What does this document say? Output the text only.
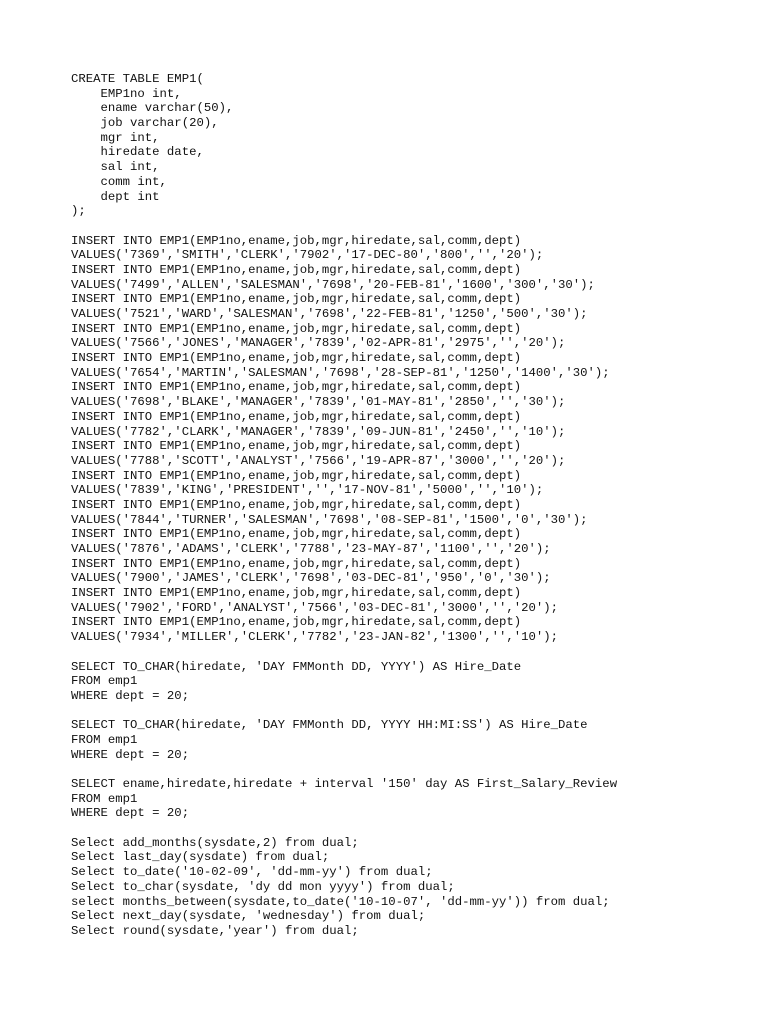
CREATE TABLE EMP1(
EMP1no int,
ename varchar(50),
job varchar(20),
mgr int,
hiredate date,
sal int,
comm int,
dept int
);
INSERT INTO EMP1(EMP1no,ename,job,mgr,hiredate,sal,comm,dept)
VALUES('7369','SMITH','CLERK','7902','17-DEC-80','800','','20');
INSERT INTO EMP1(EMP1no,ename,job,mgr,hiredate,sal,comm,dept)
VALUES('7499','ALLEN','SALESMAN','7698','20-FEB-81','1600','300','30');
INSERT INTO EMP1(EMP1no,ename,job,mgr,hiredate,sal,comm,dept)
VALUES('7521','WARD','SALESMAN','7698','22-FEB-81','1250','500','30');
INSERT INTO EMP1(EMP1no,ename,job,mgr,hiredate,sal,comm,dept)
VALUES('7566','JONES','MANAGER','7839','02-APR-81','2975','','20');
INSERT INTO EMP1(EMP1no,ename,job,mgr,hiredate,sal,comm,dept)
VALUES('7654','MARTIN','SALESMAN','7698','28-SEP-81','1250','1400','30');
INSERT INTO EMP1(EMP1no,ename,job,mgr,hiredate,sal,comm,dept)
VALUES('7698','BLAKE','MANAGER','7839','01-MAY-81','2850','','30');
INSERT INTO EMP1(EMP1no,ename,job,mgr,hiredate,sal,comm,dept)
VALUES('7782','CLARK','MANAGER','7839','09-JUN-81','2450','','10');
INSERT INTO EMP1(EMP1no,ename,job,mgr,hiredate,sal,comm,dept)
VALUES('7788','SCOTT','ANALYST','7566','19-APR-87','3000','','20');
INSERT INTO EMP1(EMP1no,ename,job,mgr,hiredate,sal,comm,dept)
VALUES('7839','KING','PRESIDENT','','17-NOV-81','5000','','10');
INSERT INTO EMP1(EMP1no,ename,job,mgr,hiredate,sal,comm,dept)
VALUES('7844','TURNER','SALESMAN','7698','08-SEP-81','1500','0','30');
INSERT INTO EMP1(EMP1no,ename,job,mgr,hiredate,sal,comm,dept)
VALUES('7876','ADAMS','CLERK','7788','23-MAY-87','1100','','20');
INSERT INTO EMP1(EMP1no,ename,job,mgr,hiredate,sal,comm,dept)
VALUES('7900','JAMES','CLERK','7698','03-DEC-81','950','0','30');
INSERT INTO EMP1(EMP1no,ename,job,mgr,hiredate,sal,comm,dept)
VALUES('7902','FORD','ANALYST','7566','03-DEC-81','3000','','20');
INSERT INTO EMP1(EMP1no,ename,job,mgr,hiredate,sal,comm,dept)
VALUES('7934','MILLER','CLERK','7782','23-JAN-82','1300','','10');
SELECT TO_CHAR(hiredate, 'DAY FMMonth DD, YYYY') AS Hire_Date
FROM emp1
WHERE dept = 20;
SELECT TO_CHAR(hiredate, 'DAY FMMonth DD, YYYY HH:MI:SS') AS Hire_Date
FROM emp1
WHERE dept = 20;
SELECT ename,hiredate,hiredate + interval '150' day AS First_Salary_Review
FROM emp1
WHERE dept = 20;
Select add_months(sysdate,2) from dual;
Select last_day(sysdate) from dual;
Select to_date('10-02-09', 'dd-mm-yy') from dual;
Select to_char(sysdate, 'dy dd mon yyyy') from dual;
select months_between(sysdate,to_date('10-10-07', 'dd-mm-yy')) from dual;
Select next_day(sysdate, 'wednesday') from dual;
Select round(sysdate,'year') from dual;
